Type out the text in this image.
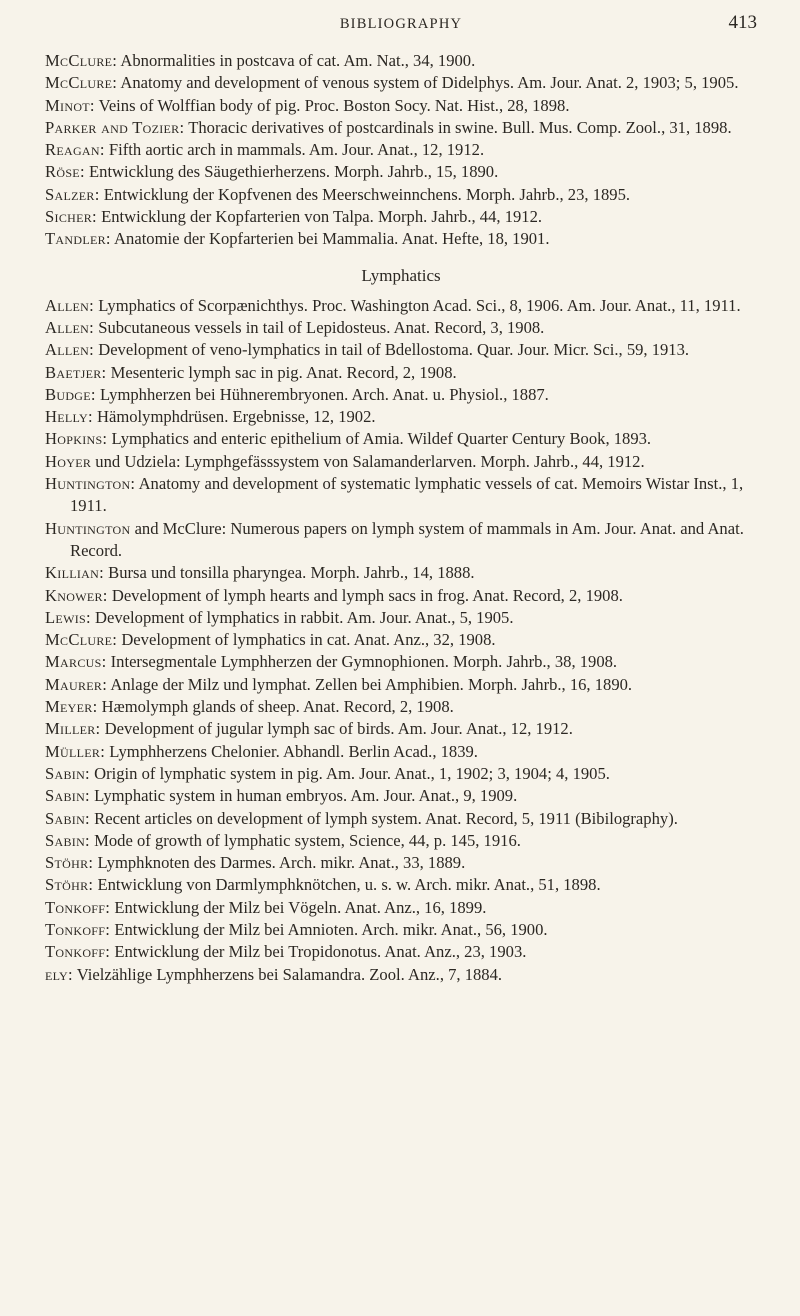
BIBLIOGRAPHY	413
McClure: Abnormalities in postcava of cat. Am. Nat., 34, 1900.
McClure: Anatomy and development of venous system of Didelphys. Am. Jour. Anat. 2, 1903; 5, 1905.
Minot: Veins of Wolffian body of pig. Proc. Boston Socy. Nat. Hist., 28, 1898.
Parker and Tozier: Thoracic derivatives of postcardinals in swine. Bull. Mus. Comp. Zool., 31, 1898.
Reagan: Fifth aortic arch in mammals. Am. Jour. Anat., 12, 1912.
Röse: Entwicklung des Säugethierherzens. Morph. Jahrb., 15, 1890.
Salzer: Entwicklung der Kopfvenen des Meerschweinnchens. Morph. Jahrb., 23, 1895.
Sicher: Entwicklung der Kopfarterien von Talpa. Morph. Jahrb., 44, 1912.
Tandler: Anatomie der Kopfarterien bei Mammalia. Anat. Hefte, 18, 1901.
Lymphatics
Allen: Lymphatics of Scorpænichthys. Proc. Washington Acad. Sci., 8, 1906. Am. Jour. Anat., 11, 1911.
Allen: Subcutaneous vessels in tail of Lepidosteus. Anat. Record, 3, 1908.
Allen: Development of veno-lymphatics in tail of Bdellostoma. Quar. Jour. Micr. Sci., 59, 1913.
Baetjer: Mesenteric lymph sac in pig. Anat. Record, 2, 1908.
Budge: Lymphherzen bei Hühnerembryonen. Arch. Anat. u. Physiol., 1887.
Helly: Hämolymphdrüsen. Ergebnisse, 12, 1902.
Hopkins: Lymphatics and enteric epithelium of Amia. Wildef Quarter Century Book, 1893.
Hoyer und Udziela: Lymphgefässsystem von Salamanderlarven. Morph. Jahrb., 44, 1912.
Huntington: Anatomy and development of systematic lymphatic vessels of cat. Memoirs Wistar Inst., 1, 1911.
Huntington and McClure: Numerous papers on lymph system of mammals in Am. Jour. Anat. and Anat. Record.
Killian: Bursa und tonsilla pharyngea. Morph. Jahrb., 14, 1888.
Knower: Development of lymph hearts and lymph sacs in frog. Anat. Record, 2, 1908.
Lewis: Development of lymphatics in rabbit. Am. Jour. Anat., 5, 1905.
McClure: Development of lymphatics in cat. Anat. Anz., 32, 1908.
Marcus: Intersegmentale Lymphherzen der Gymnophionen. Morph. Jahrb., 38, 1908.
Maurer: Anlage der Milz und lymphat. Zellen bei Amphibien. Morph. Jahrb., 16, 1890.
Meyer: Hæmolymph glands of sheep. Anat. Record, 2, 1908.
Miller: Development of jugular lymph sac of birds. Am. Jour. Anat., 12, 1912.
Müller: Lymphherzens Chelonier. Abhandl. Berlin Acad., 1839.
Sabin: Origin of lymphatic system in pig. Am. Jour. Anat., 1, 1902; 3, 1904; 4, 1905.
Sabin: Lymphatic system in human embryos. Am. Jour. Anat., 9, 1909.
Sabin: Recent articles on development of lymph system. Anat. Record, 5, 1911 (Bibilography).
Sabin: Mode of growth of lymphatic system, Science, 44, p. 145, 1916.
Stöhr: Lymphknoten des Darmes. Arch. mikr. Anat., 33, 1889.
Stöhr: Entwicklung von Darmlymphknötchen, u. s. w. Arch. mikr. Anat., 51, 1898.
Tonkoff: Entwicklung der Milz bei Vögeln. Anat. Anz., 16, 1899.
Tonkoff: Entwicklung der Milz bei Amnioten. Arch. mikr. Anat., 56, 1900.
Tonkoff: Entwicklung der Milz bei Tropidonotus. Anat. Anz., 23, 1903.
ely: Vielzählige Lymphherzens bei Salamandra. Zool. Anz., 7, 1884.
